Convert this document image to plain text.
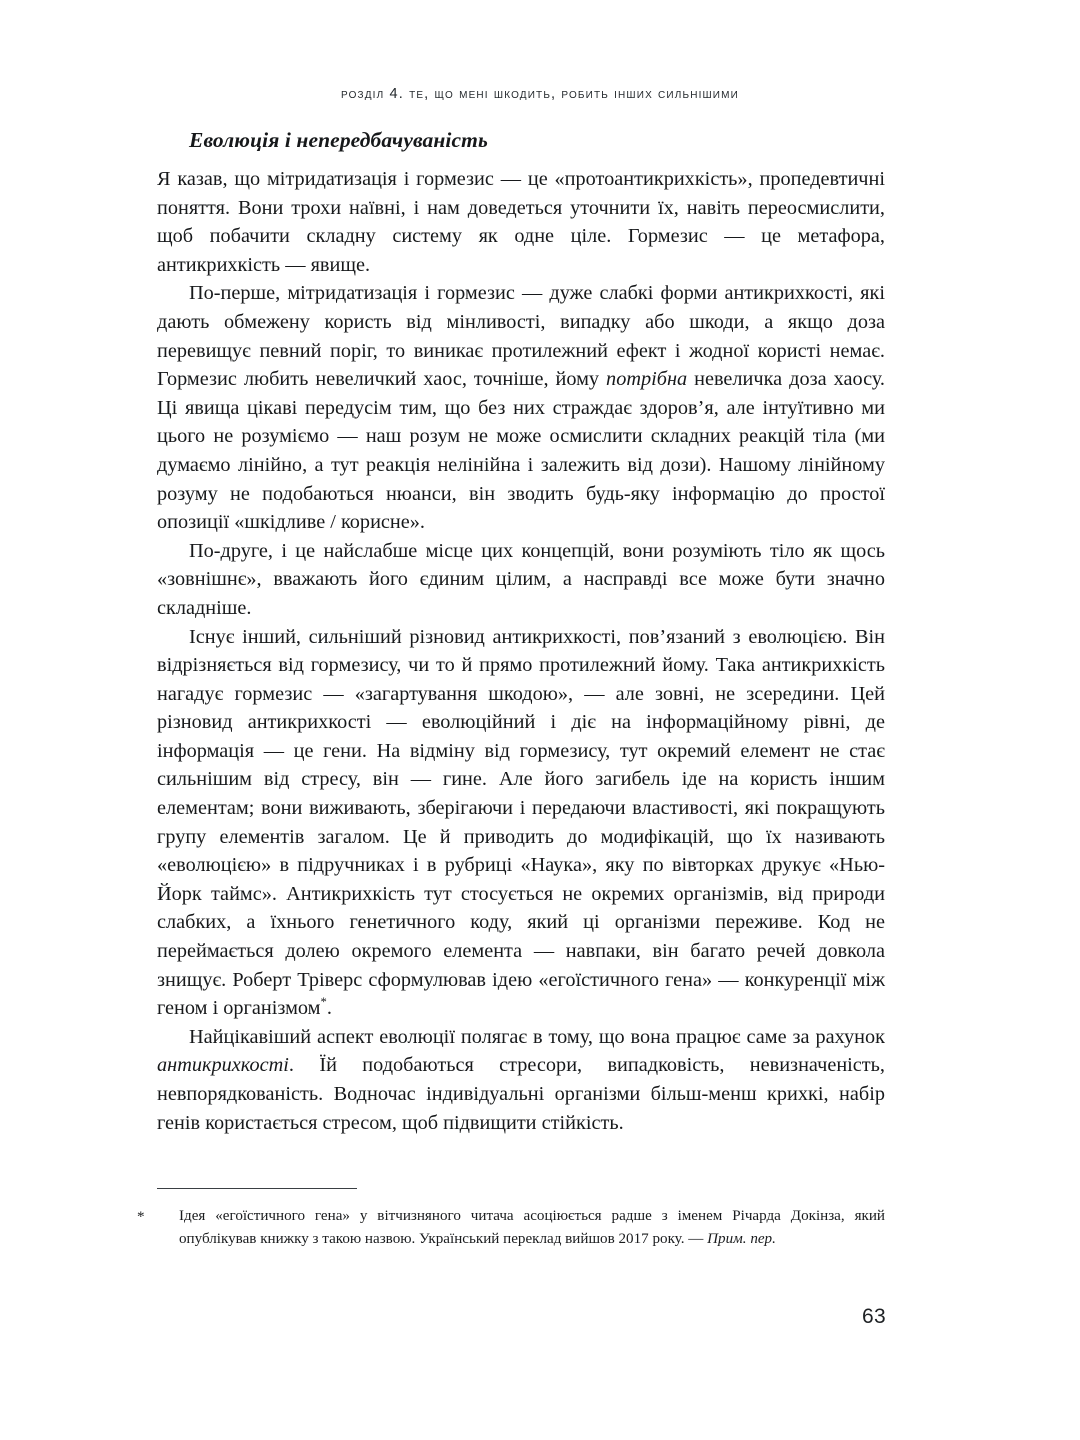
розділ 4. те, що мені шкодить, робить інших сильнішими
Еволюція і непередбачуваність

Я казав, що мітридатизація і гормезис — це «протоантикрихкість», пропедевтичні поняття. Вони трохи наївні, і нам доведеться уточнити їх, навіть переосмислити, щоб побачити складну систему як одне ціле. Гормезис — це метафора, антикрихкість — явище.

По-перше, мітридатизація і гормезис — дуже слабкі форми антикрихкості, які дають обмежену користь від мінливості, випадку або шкоди, а якщо доза перевищує певний поріг, то виникає протилежний ефект і жодної користі немає. Гормезис любить невеличкий хаос, точніше, йому потрібна невеличка доза хаосу. Ці явища цікаві передусім тим, що без них страждає здоров’я, але інтуїтивно ми цього не розуміємо — наш розум не може осмислити складних реакцій тіла (ми думаємо лінійно, а тут реакція нелінійна і залежить від дози). Нашому лінійному розуму не подобаються нюанси, він зводить будь-яку інформацію до простої опозиції «шкідливе / корисне».

По-друге, і це найслабше місце цих концепцій, вони розуміють тіло як щось «зовнішнє», вважають його єдиним цілим, а насправді все може бути значно складніше.

Існує інший, сильніший різновид антикрихкості, пов’язаний з еволюцією. Він відрізняється від гормезису, чи то й прямо протилежний йому. Така антикрихкість нагадує гормезис — «загартування шкодою», — але зовні, не зсередини. Цей різновид антикрихкості — еволюційний і діє на інформаційному рівні, де інформація — це гени. На відміну від гормезису, тут окремий елемент не стає сильнішим від стресу, він — гине. Але його загибель іде на користь іншим елементам; вони виживають, зберігаючи і передаючи властивості, які покращують групу елементів загалом. Це й приводить до модифікацій, що їх називають «еволюцією» в підручниках і в рубриці «Наука», яку по вівторках друкує «Нью-Йорк таймс». Антикрихкість тут стосується не окремих організмів, від природи слабких, а їхнього генетичного коду, який ці організми переживе. Код не переймається долею окремого елемента — навпаки, він багато речей довкола знищує. Роберт Тріверс сформулював ідею «егоїстичного гена» — конкуренції між геном і організмом*.

Найцікавіший аспект еволюції полягає в тому, що вона працює саме за рахунок антикрихкості. Їй подобаються стресори, випадковість, невизначеність, невпорядкованість. Водночас індивідуальні організми більш-менш крихкі, набір генів користається стресом, щоб підвищити стійкість.

* Ідея «егоїстичного гена» у вітчизняного читача асоціюється радше з іменем Річарда Докінза, який опублікував книжку з такою назвою. Український переклад вийшов 2017 року. — Прим. пер.
63
